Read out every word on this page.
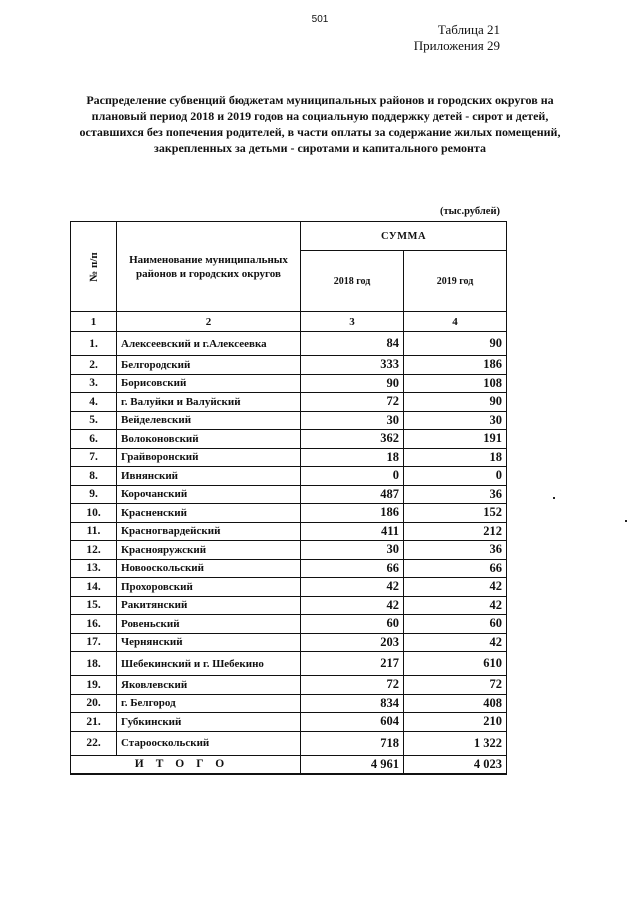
501
Таблица 21
Приложения 29
Распределение субвенций бюджетам муниципальных районов и городских округов на плановый период 2018 и 2019 годов на социальную поддержку детей - сирот и детей, оставшихся без попечения родителей, в части оплаты за содержание жилых помещений, закрепленных за детьми - сиротами и капитального ремонта
(тыс.рублей)
№ п/п	Наименование муниципальных районов и городских округов	СУММА	
		2018 год	2019 год
1	2	3	4
1.	Алексеевский и г.Алексеевка	84	90
2.	Белгородский	333	186
3.	Борисовский	90	108
4.	г. Валуйки и Валуйский	72	90
5.	Вейделевский	30	30
6.	Волоконовский	362	191
7.	Грайворонский	18	18
8.	Ивнянский	0	0
9.	Корочанский	487	36
10.	Красненский	186	152
11.	Красногвардейский	411	212
12.	Краснояружский	30	36
13.	Новооскольский	66	66
14.	Прохоровский	42	42
15.	Ракитянский	42	42
16.	Ровеньский	60	60
17.	Чернянский	203	42
18.	Шебекинский и г. Шебекино	217	610
19.	Яковлевский	72	72
20.	г. Белгород	834	408
21.	Губкинский	604	210
22.	Старооскольский	718	1 322
ИТОГО		4 961	4 023
